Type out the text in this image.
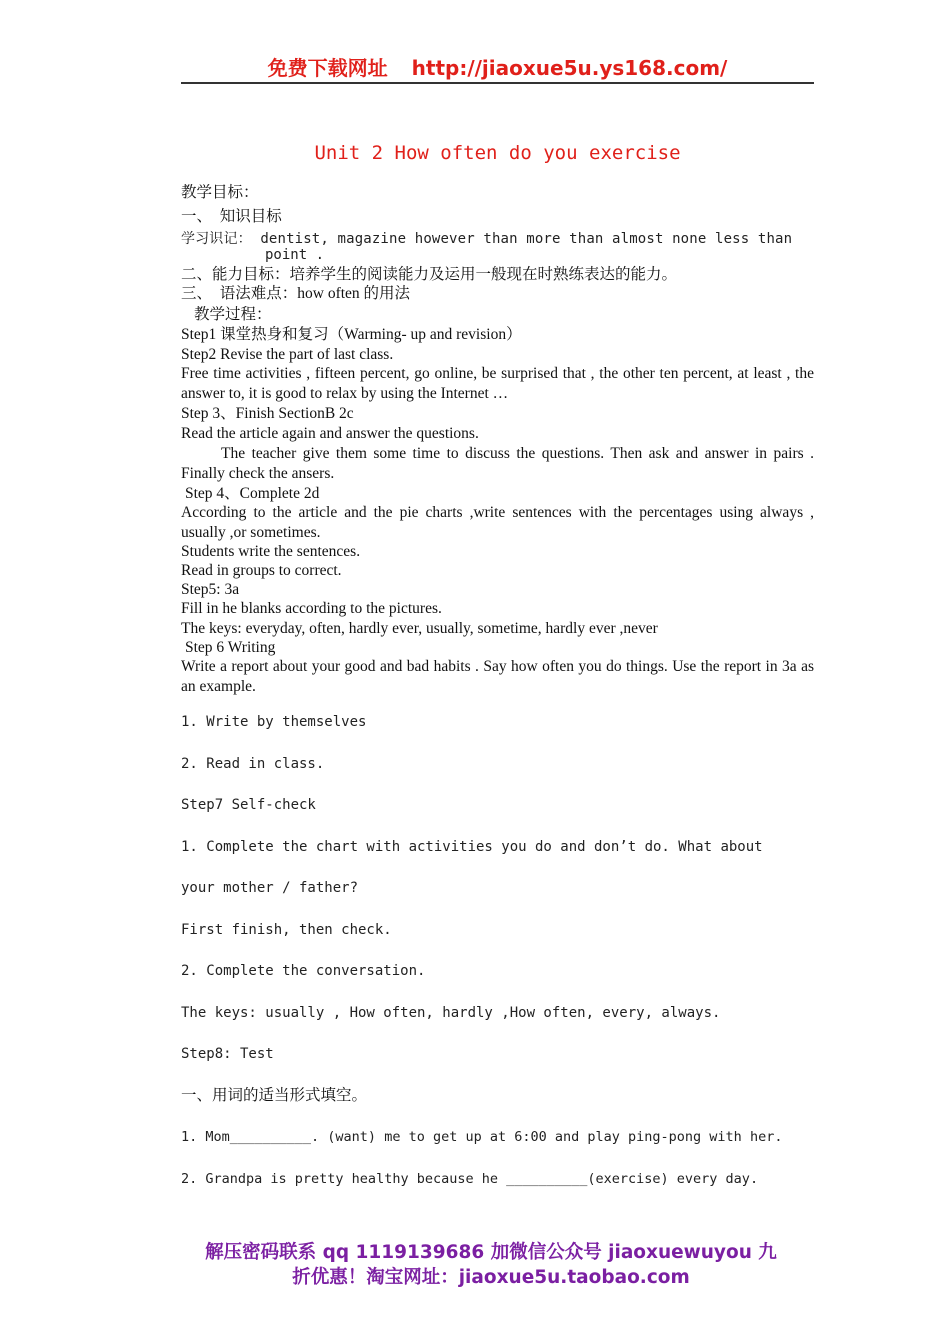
免费下载网址 http://jiaoxue5u.ys168.com/
Unit 2 How often do you exercise
教学目标：
一、　知识目标
学习识记： dentist, magazine however than more than almost none less than
point .
二、能力目标：培养学生的阅读能力及运用一般现在时熟练表达的能力。
三、　语法难点：how often 的用法
教学过程：
Step1 课堂热身和复习（Warming- up and revision）
Step2 Revise the part of last class.
Free time activities , fifteen percent, go online, be surprised that , the other ten percent, at least , the answer to, it is good to relax by using the Internet …
Step 3、Finish SectionB 2c
Read the article again and answer the questions.
The teacher give them some time to discuss the questions. Then ask and answer in pairs . Finally check the ansers.
Step 4、Complete 2d
According to the article and the pie charts ,write sentences with the percentages using always , usually ,or sometimes.
Students write the sentences.
Read in groups to correct.
Step5: 3a
Fill in he blanks according to the pictures.
The keys: everyday, often, hardly ever, usually, sometime, hardly ever ,never
Step 6 Writing
Write a report about your good and bad habits . Say how often you do things. Use the report in 3a as an example.
1. Write by themselves
2. Read in class.
Step7 Self-check
1. Complete the chart with activities you do and don’t do. What about
your mother / father?
First finish, then check.
2. Complete the conversation.
The keys: usually , How often, hardly ,How often, every, always.
Step8: Test
一、用词的适当形式填空。
1. Mom__________. (want) me to get up at 6:00 and play ping-pong with her.
2. Grandpa is pretty healthy because he __________(exercise) every day.
解压密码联系 qq 1119139686 加微信公众号 jiaoxuewuyou 九
折优惠！淘宝网址：jiaoxue5u.taobao.com
